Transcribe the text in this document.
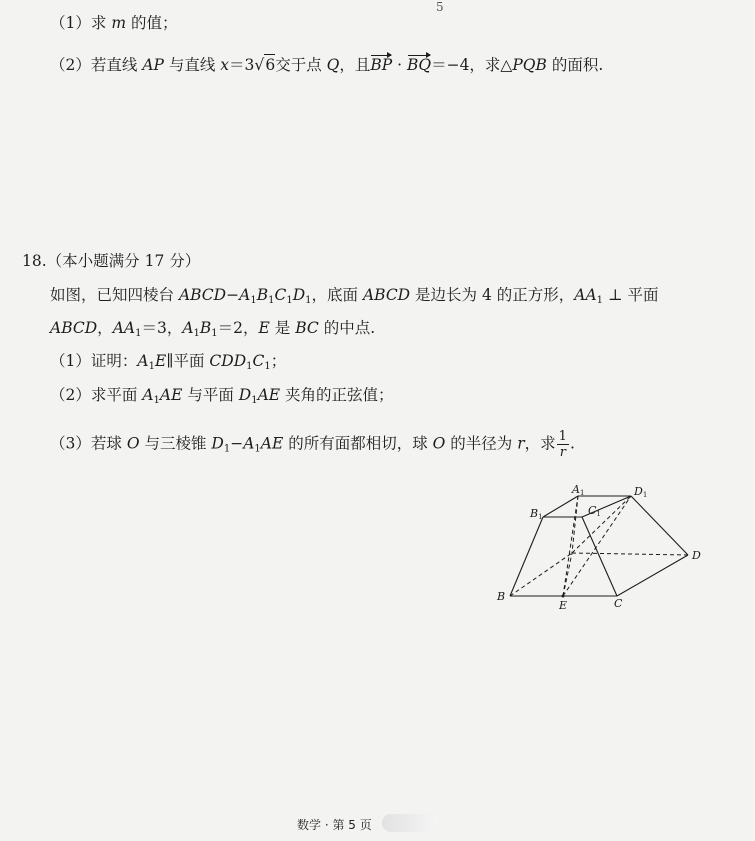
5
（1）求 m 的值；
（2）若直线 AP 与直线 x＝3√6交于点 Q，且BP · BQ＝−4，求△PQB 的面积.
18.（本小题满分 17 分）
如图，已知四棱台 $ABCD-A_1B_1C_1D_1$，底面 ABCD 是边长为 4 的正方形，$AA_1$ ⊥ 平面
ABCD，$AA_1=3$，$A_1B_1=2$，E 是 BC 的中点.
（1）证明：$A_1E\parallel$平面 $CDD_1C_1$；
（2）求平面 $A_1AE$ 与平面 $D_1AE$ 夹角的正弦值；
（3）若球 O 与三棱锥 $D_1-A_1AE$ 的所有面都相切，球 O 的半径为 r，求 $\frac{1}{r}$ .
A1	D1
B1	C1
B
E	C
D
数学 · 第 5 页
